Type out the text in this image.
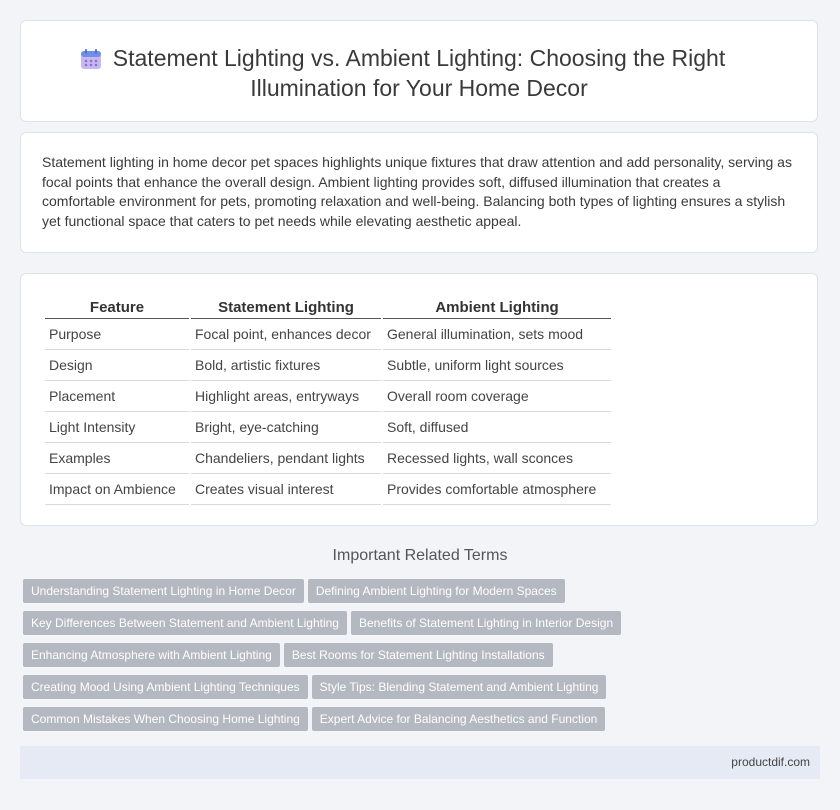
Statement Lighting vs. Ambient Lighting: Choosing the Right Illumination for Your Home Decor

Statement lighting in home decor pet spaces highlights unique fixtures that draw attention and add personality, serving as focal points that enhance the overall design. Ambient lighting provides soft, diffused illumination that creates a comfortable environment for pets, promoting relaxation and well-being. Balancing both types of lighting ensures a stylish yet functional space that caters to pet needs while elevating aesthetic appeal.

Feature	Statement Lighting	Ambient Lighting
Purpose	Focal point, enhances decor	General illumination, sets mood
Design	Bold, artistic fixtures	Subtle, uniform light sources
Placement	Highlight areas, entryways	Overall room coverage
Light Intensity	Bright, eye-catching	Soft, diffused
Examples	Chandeliers, pendant lights	Recessed lights, wall sconces
Impact on Ambience	Creates visual interest	Provides comfortable atmosphere
Important Related Terms
Understanding Statement Lighting in Home Decor Defining Ambient Lighting for Modern Spaces
Key Differences Between Statement and Ambient Lighting Benefits of Statement Lighting in Interior Design
Enhancing Atmosphere with Ambient Lighting Best Rooms for Statement Lighting Installations
Creating Mood Using Ambient Lighting Techniques Style Tips: Blending Statement and Ambient Lighting
Common Mistakes When Choosing Home Lighting Expert Advice for Balancing Aesthetics and Function
productdif.com
